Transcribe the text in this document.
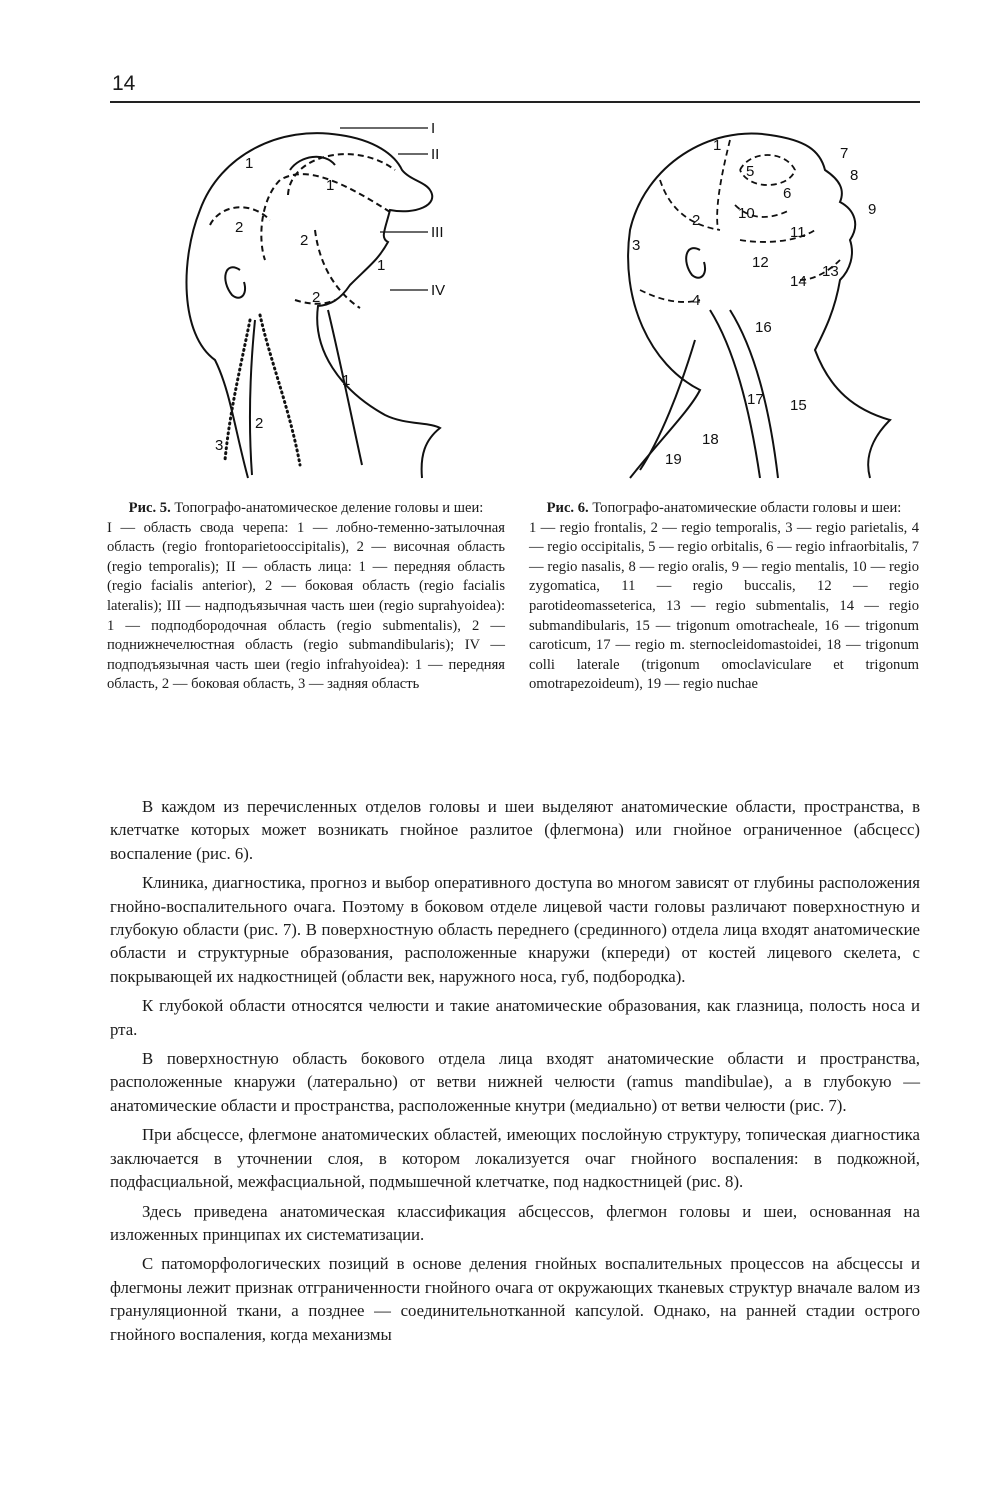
14
I
II
III
IV
1
1
2
2
1
2
1
2
3
1
2
3
4
5
6
7
8
9
10
11
12
13
14
15
16
17
18
19

Рис. 5. Топографо-анатомическое деление головы и шеи:

I — область свода черепа: 1 — лобно-теменно-затылочная область (regio frontoparietooccipitalis), 2 — височная область (regio temporalis); II — область лица: 1 — передняя область (regio facialis anterior), 2 — боковая область (regio facialis lateralis); III — надподъязычная часть шеи (regio suprahyoidea): 1 — подподбородочная область (regio submentalis), 2 — поднижнечелюстная область (regio submandibularis); IV — подподъязычная часть шеи (regio infrahyoidea): 1 — передняя область, 2 — боковая область, 3 — задняя область

Рис. 6. Топографо-анатомические области головы и шеи:

1 — regio frontalis, 2 — regio temporalis, 3 — regio parietalis, 4 — regio occipitalis, 5 — regio orbitalis, 6 — regio infraorbitalis, 7 — regio nasalis, 8 — regio oralis, 9 — regio mentalis, 10 — regio zygomatica, 11 — regio buccalis, 12 — regio parotideomasseterica, 13 — regio submentalis, 14 — regio submandibularis, 15 — trigonum omotracheale, 16 — trigonum caroticum, 17 — regio m. sternocleidomastoidei, 18 — trigonum colli laterale (trigonum omoclaviculare et trigonum omotrapezoideum), 19 — regio nuchae

В каждом из перечисленных отделов головы и шеи выделяют анатомические области, пространства, в клетчатке которых может возникать гнойное разлитое (флегмона) или гнойное ограниченное (абсцесс) воспаление (рис. 6).

Клиника, диагностика, прогноз и выбор оперативного доступа во многом зависят от глубины расположения гнойно-воспалительного очага. Поэтому в боковом отделе лицевой части головы различают поверхностную и глубокую области (рис. 7). В поверхностную область переднего (срединного) отдела лица входят анатомические области и структурные образования, расположенные кнаружи (кпереди) от костей лицевого скелета, с покрывающей их надкостницей (области век, наружного носа, губ, подбородка).

К глубокой области относятся челюсти и такие анатомические образования, как глазница, полость носа и рта.

В поверхностную область бокового отдела лица входят анатомические области и пространства, расположенные кнаружи (латерально) от ветви нижней челюсти (ramus mandibulae), а в глубокую — анатомические области и пространства, расположенные кнутри (медиально) от ветви челюсти (рис. 7).

При абсцессе, флегмоне анатомических областей, имеющих послойную структуру, топическая диагностика заключается в уточнении слоя, в котором локализуется очаг гнойного воспаления: в подкожной, подфасциальной, межфасциальной, подмышечной клетчатке, под надкостницей (рис. 8).

Здесь приведена анатомическая классификация абсцессов, флегмон головы и шеи, основанная на изложенных принципах их систематизации.

С патоморфологических позиций в основе деления гнойных воспалительных процессов на абсцессы и флегмоны лежит признак отграниченности гнойного очага от окружающих тканевых структур вначале валом из грануляционной ткани, а позднее — соединительнотканной капсулой. Однако, на ранней стадии острого гнойного воспаления, когда механизмы
